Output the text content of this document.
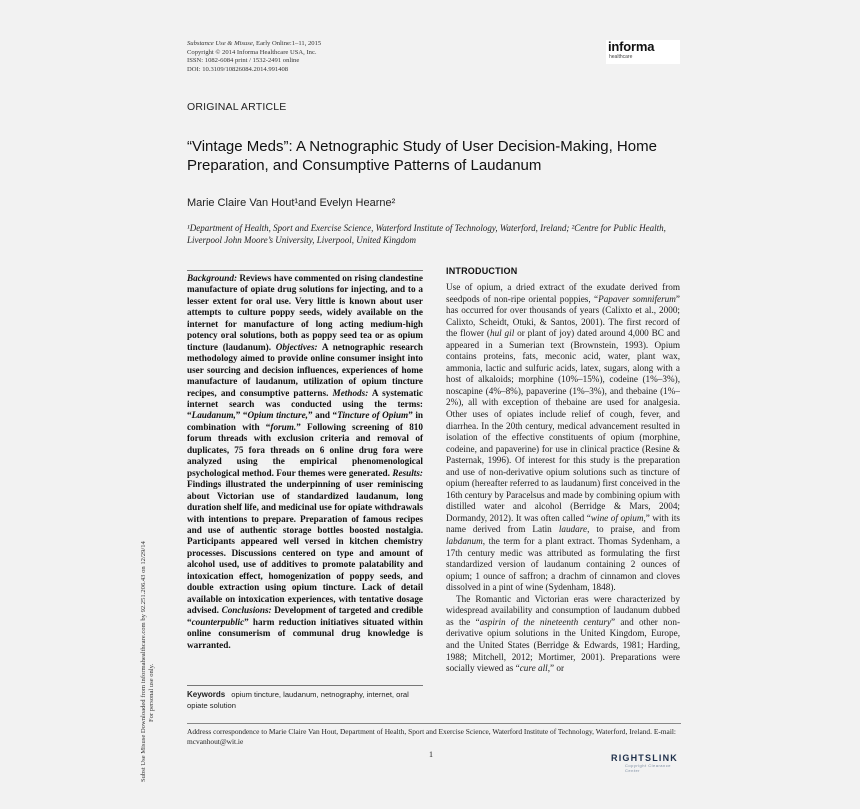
Substance Use & Misuse, Early Online:1–11, 2015
Copyright © 2014 Informa Healthcare USA, Inc.
ISSN: 1082-6084 print / 1532-2491 online
DOI: 10.3109/10826084.2014.991408
informa
healthcare
ORIGINAL ARTICLE
“Vintage Meds”: A Netnographic Study of User Decision-Making, Home Preparation, and Consumptive Patterns of Laudanum
Marie Claire Van Hout¹and Evelyn Hearne²
¹Department of Health, Sport and Exercise Science, Waterford Institute of Technology, Waterford, Ireland; ²Centre for Public Health, Liverpool John Moore’s University, Liverpool, United Kingdom
Subst Use Misuse Downloaded from informahealthcare.com by 92.251.206.43 on 12/29/14 For personal use only.

Background: Reviews have commented on rising clandestine manufacture of opiate drug solutions for injecting, and to a lesser extent for oral use. Very little is known about user attempts to culture poppy seeds, widely available on the internet for manufacture of long acting medium-high potency oral solutions, both as poppy seed tea or as opium tincture (laudanum). Objectives: A netnographic research methodology aimed to provide online consumer insight into user sourcing and decision influences, experiences of home manufacture of laudanum, utilization of opium tincture recipes, and consumptive patterns. Methods: A systematic internet search was conducted using the terms: “Laudanum,” “Opium tincture,” and “Tincture of Opium” in combination with “forum.” Following screening of 810 forum threads with exclusion criteria and removal of duplicates, 75 fora threads on 6 online drug fora were analyzed using the empirical phenomenological psychological method. Four themes were generated. Results: Findings illustrated the underpinning of user reminiscing about Victorian use of standardized laudanum, long duration shelf life, and medicinal use for opiate withdrawals with intentions to prepare. Preparation of famous recipes and use of authentic storage bottles boosted nostalgia. Participants appeared well versed in kitchen chemistry processes. Discussions centered on type and amount of alcohol used, use of additives to promote palatability and intoxication effect, homogenization of poppy seeds, and double extraction using opium tincture. Lack of detail available on intoxication experiences, with tentative dosage advised. Conclusions: Development of targeted and credible “counterpublic” harm reduction initiatives situated within online consumerism of communal drug knowledge is warranted.

Keywords opium tincture, laudanum, netnography, internet, oral opiate solution
INTRODUCTION

Use of opium, a dried extract of the exudate derived from seedpods of non-ripe oriental poppies, “Papaver somniferum” has occurred for over thousands of years (Calixto et al., 2000; Calixto, Scheidt, Otuki, & Santos, 2001). The first record of the flower (hul gil or plant of joy) dated around 4,000 BC and appeared in a Sumerian text (Brownstein, 1993). Opium contains proteins, fats, meconic acid, water, plant wax, ammonia, lactic and sulfuric acids, latex, sugars, along with a host of alkaloids; morphine (10%–15%), codeine (1%–3%), noscapine (4%–8%), papaverine (1%–3%), and thebaine (1%–2%), all with exception of thebaine are used for analgesia. Other uses of opiates include relief of cough, fever, and diarrhea. In the 20th century, medical advancement resulted in isolation of the effective constituents of opium (morphine, codeine, and papaverine) for use in clinical practice (Resine & Pasternak, 1996). Of interest for this study is the preparation and use of non-derivative opium solutions such as tincture of opium (hereafter referred to as laudanum) first conceived in the 16th century by Paracelsus and made by combining opium with distilled water and alcohol (Berridge & Mars, 2004; Dormandy, 2012). It was often called “wine of opium,” with its name derived from Latin laudare, to praise, and from labdanum, the term for a plant extract. Thomas Sydenham, a 17th century medic was attributed as formulating the first standardized version of laudanum containing 2 ounces of opium; 1 ounce of saffron; a drachm of cinnamon and cloves dissolved in a pint of wine (Sydenham, 1848).

The Romantic and Victorian eras were characterized by widespread availability and consumption of laudanum dubbed as the “aspirin of the nineteenth century” and other non-derivative opium solutions in the United Kingdom, Europe, and the United States (Berridge & Edwards, 1981; Harding, 1988; Mitchell, 2012; Mortimer, 2001). Preparations were socially viewed as “cure all,” or

Address correspondence to Marie Claire Van Hout, Department of Health, Sport and Exercise Science, Waterford Institute of Technology, Waterford, Ireland. E-mail: mcvanhout@wit.ie
1	RIGHTSLINK
Copyright Clearance Center
